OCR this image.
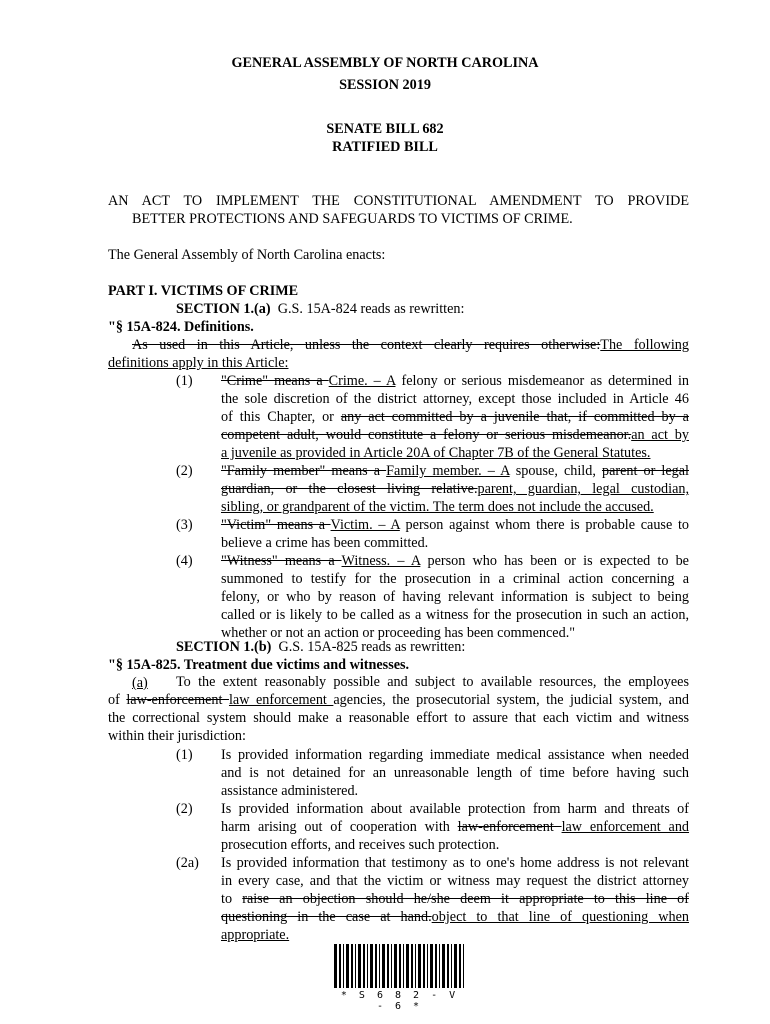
GENERAL ASSEMBLY OF NORTH CAROLINA
SESSION 2019
SENATE BILL 682
RATIFIED BILL
AN ACT TO IMPLEMENT THE CONSTITUTIONAL AMENDMENT TO PROVIDE
BETTER PROTECTIONS AND SAFEGUARDS TO VICTIMS OF CRIME.
The General Assembly of North Carolina enacts:
PART I. VICTIMS OF CRIME
SECTION 1.(a) G.S. 15A-824 reads as rewritten:
"§ 15A-824. Definitions.
As used in this Article, unless the context clearly requires otherwise:The following
definitions apply in this Article:
(1) "Crime" means a Crime. – A felony or serious misdemeanor as determined in
the sole discretion of the district attorney, except those included in Article 46
of this Chapter, or any act committed by a juvenile that, if committed by a
competent adult, would constitute a felony or serious misdemeanor.an act by
a juvenile as provided in Article 20A of Chapter 7B of the General Statutes.
(2) "Family member" means a Family member. – A spouse, child, parent or legal
guardian, or the closest living relative.parent, guardian, legal custodian,
sibling, or grandparent of the victim. The term does not include the accused.
(3) "Victim" means a Victim. – A person against whom there is probable cause to
believe a crime has been committed.
(4) "Witness" means a Witness. – A person who has been or is expected to be
summoned to testify for the prosecution in a criminal action concerning a
felony, or who by reason of having relevant information is subject to being
called or is likely to be called as a witness for the prosecution in such an action,
whether or not an action or proceeding has been commenced."
SECTION 1.(b) G.S. 15A-825 reads as rewritten:
"§ 15A-825. Treatment due victims and witnesses.
(a) To the extent reasonably possible and subject to available resources, the employees
of law-enforcement law enforcement agencies, the prosecutorial system, the judicial system, and
the correctional system should make a reasonable effort to assure that each victim and witness
within their jurisdiction:
(1) Is provided information regarding immediate medical assistance when needed
and is not detained for an unreasonable length of time before having such
assistance administered.
(2) Is provided information about available protection from harm and threats of
harm arising out of cooperation with law-enforcement law enforcement and
prosecution efforts, and receives such protection.
(2a) Is provided information that testimony as to one's home address is not relevant
in every case, and that the victim or witness may request the district attorney
to raise an objection should he/she deem it appropriate to this line of
questioning in the case at hand.object to that line of questioning when
appropriate.
* S 6 8 2 - V - 6 *
